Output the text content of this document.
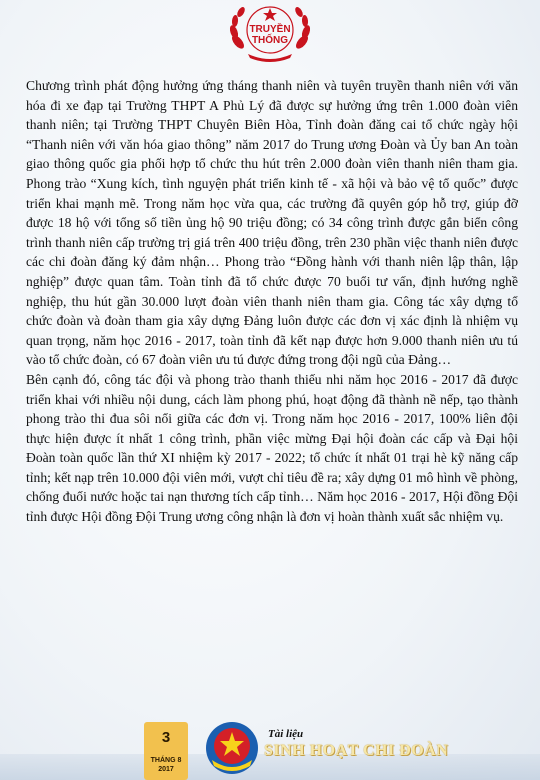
TRUYỀN
THỐNG

Chương trình phát động hưởng ứng tháng thanh niên và tuyên truyền thanh niên với văn hóa đi xe đạp tại Trường THPT A Phủ Lý đã được sự hưởng ứng trên 1.000 đoàn viên thanh niên; tại Trường THPT Chuyên Biên Hòa, Tỉnh đoàn đăng cai tổ chức ngày hội “Thanh niên với văn hóa giao thông” năm 2017 do Trung ương Đoàn và Ủy ban An toàn giao thông quốc gia phối hợp tổ chức thu hút trên 2.000 đoàn viên thanh niên tham gia. Phong trào “Xung kích, tình nguyện phát triển kinh tế - xã hội và bảo vệ tổ quốc” được triển khai mạnh mẽ. Trong năm học vừa qua, các trường đã quyên góp hỗ trợ, giúp đỡ được 18 hộ với tổng số tiền ủng hộ 90 triệu đồng; có 34 công trình được gắn biển công trình thanh niên cấp trường trị giá trên 400 triệu đồng, trên 230 phần việc thanh niên được các chi đoàn đăng ký đảm nhận… Phong trào “Đồng hành với thanh niên lập thân, lập nghiệp” được quan tâm. Toàn tỉnh đã tổ chức được 70 buổi tư vấn, định hướng nghề nghiệp, thu hút gần 30.000 lượt đoàn viên thanh niên tham gia. Công tác xây dựng tổ chức đoàn và đoàn tham gia xây dựng Đảng luôn được các đơn vị xác định là nhiệm vụ quan trọng, năm học 2016 - 2017, toàn tỉnh đã kết nạp được hơn 9.000 thanh niên ưu tú vào tổ chức đoàn, có 67 đoàn viên ưu tú được đứng trong đội ngũ của Đảng…

Bên cạnh đó, công tác đội và phong trào thanh thiếu nhi năm học 2016 - 2017 đã được triển khai với nhiều nội dung, cách làm phong phú, hoạt động đã thành nề nếp, tạo thành phong trào thi đua sôi nổi giữa các đơn vị. Trong năm học 2016 - 2017, 100% liên đội thực hiện được ít nhất 1 công trình, phần việc mừng Đại hội đoàn các cấp và Đại hội Đoàn toàn quốc lần thứ XI nhiệm kỳ 2017 - 2022; tổ chức ít nhất 01 trại hè kỹ năng cấp tỉnh; kết nạp trên 10.000 đội viên mới, vượt chỉ tiêu đề ra; xây dựng 01 mô hình về phòng, chống đuối nước hoặc tai nạn thương tích cấp tỉnh… Năm học 2016 - 2017, Hội đồng Đội tỉnh được Hội đồng Đội Trung ương công nhận là đơn vị hoàn thành xuất sắc nhiệm vụ.

3
THÁNG 8
2017
Tài liệu
SINH HOẠT CHI ĐOÀN
